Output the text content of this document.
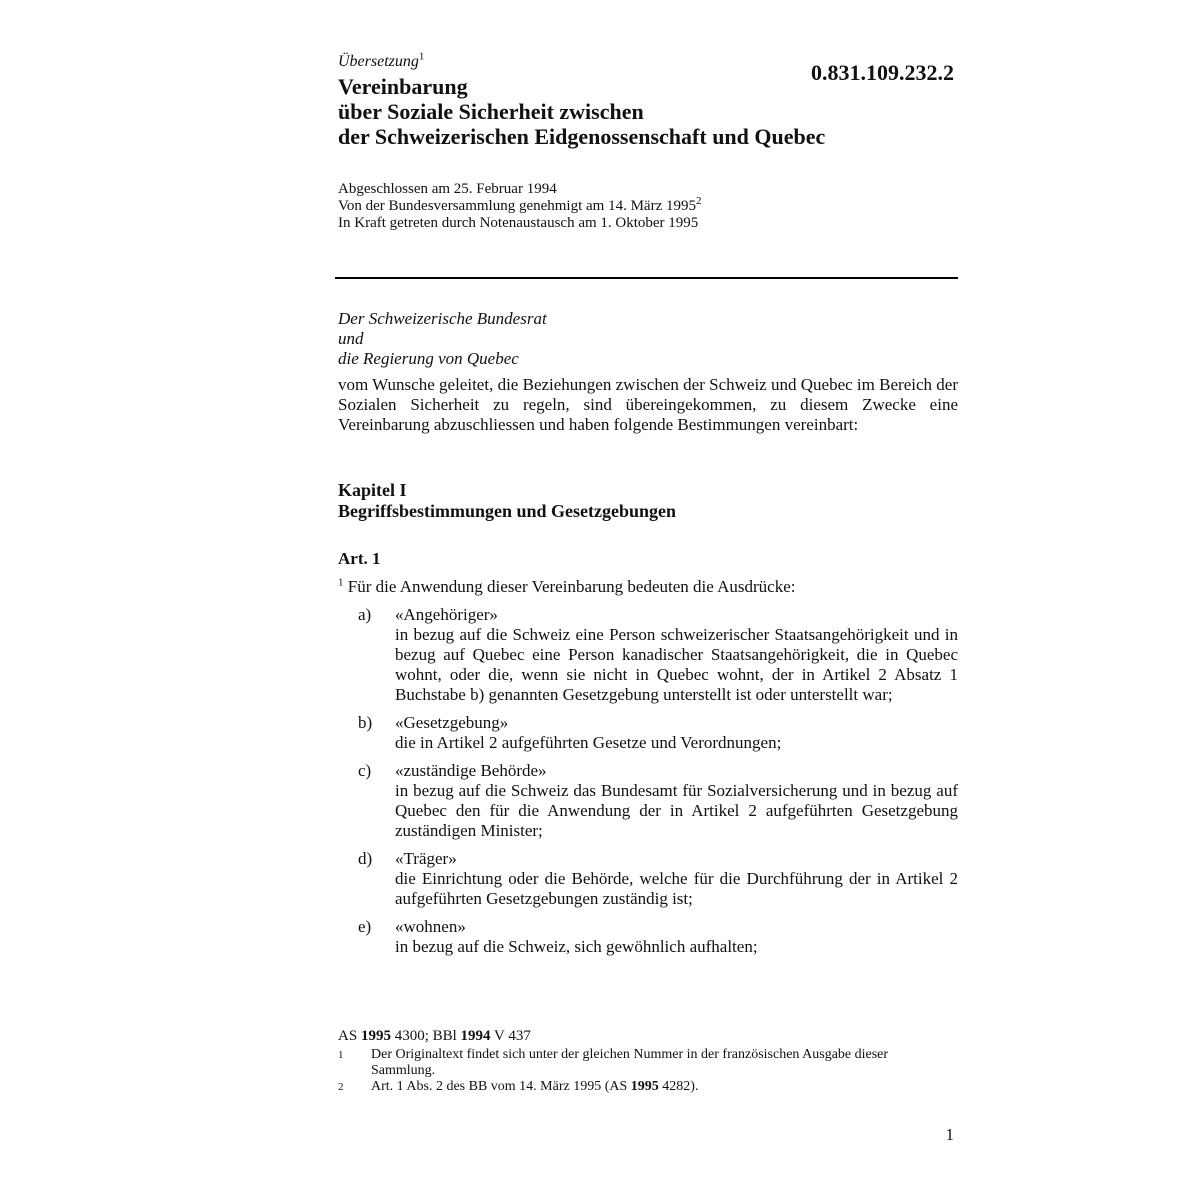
Übersetzung$^1$
0.831.109.232.2
Vereinbarung
über Soziale Sicherheit zwischen
der Schweizerischen Eidgenossenschaft und Quebec
Abgeschlossen am 25. Februar 1994
Von der Bundesversammlung genehmigt am 14. März 1995$^2$
In Kraft getreten durch Notenaustausch am 1. Oktober 1995
Der Schweizerische Bundesrat
und
die Regierung von Quebec
vom Wunsche geleitet, die Beziehungen zwischen der Schweiz und Quebec im Bereich der Sozialen Sicherheit zu regeln, sind übereingekommen, zu diesem Zwecke eine Vereinbarung abzuschliessen und haben folgende Bestimmungen vereinbart:
Kapitel I
Begriffsbestimmungen und Gesetzgebungen
Art. 1
$^1$ Für die Anwendung dieser Vereinbarung bedeuten die Ausdrücke:
a) «Angehöriger»
in bezug auf die Schweiz eine Person schweizerischer Staatsangehörigkeit und in bezug auf Quebec eine Person kanadischer Staatsangehörigkeit, die in Quebec wohnt, oder die, wenn sie nicht in Quebec wohnt, der in Artikel 2 Absatz 1 Buchstabe b) genannten Gesetzgebung unterstellt ist oder unterstellt war;
b) «Gesetzgebung»
die in Artikel 2 aufgeführten Gesetze und Verordnungen;
c) «zuständige Behörde»
in bezug auf die Schweiz das Bundesamt für Sozialversicherung und in bezug auf Quebec den für die Anwendung der in Artikel 2 aufgeführten Gesetzgebung zuständigen Minister;
d) «Träger»
die Einrichtung oder die Behörde, welche für die Durchführung der in Artikel 2 aufgeführten Gesetzgebungen zuständig ist;
e) «wohnen»
in bezug auf die Schweiz, sich gewöhnlich aufhalten;
AS 1995 4300; BBl 1994 V 437
1 Der Originaltext findet sich unter der gleichen Nummer in der französischen Ausgabe dieser Sammlung.
2 Art. 1 Abs. 2 des BB vom 14. März 1995 (AS 1995 4282).
1
